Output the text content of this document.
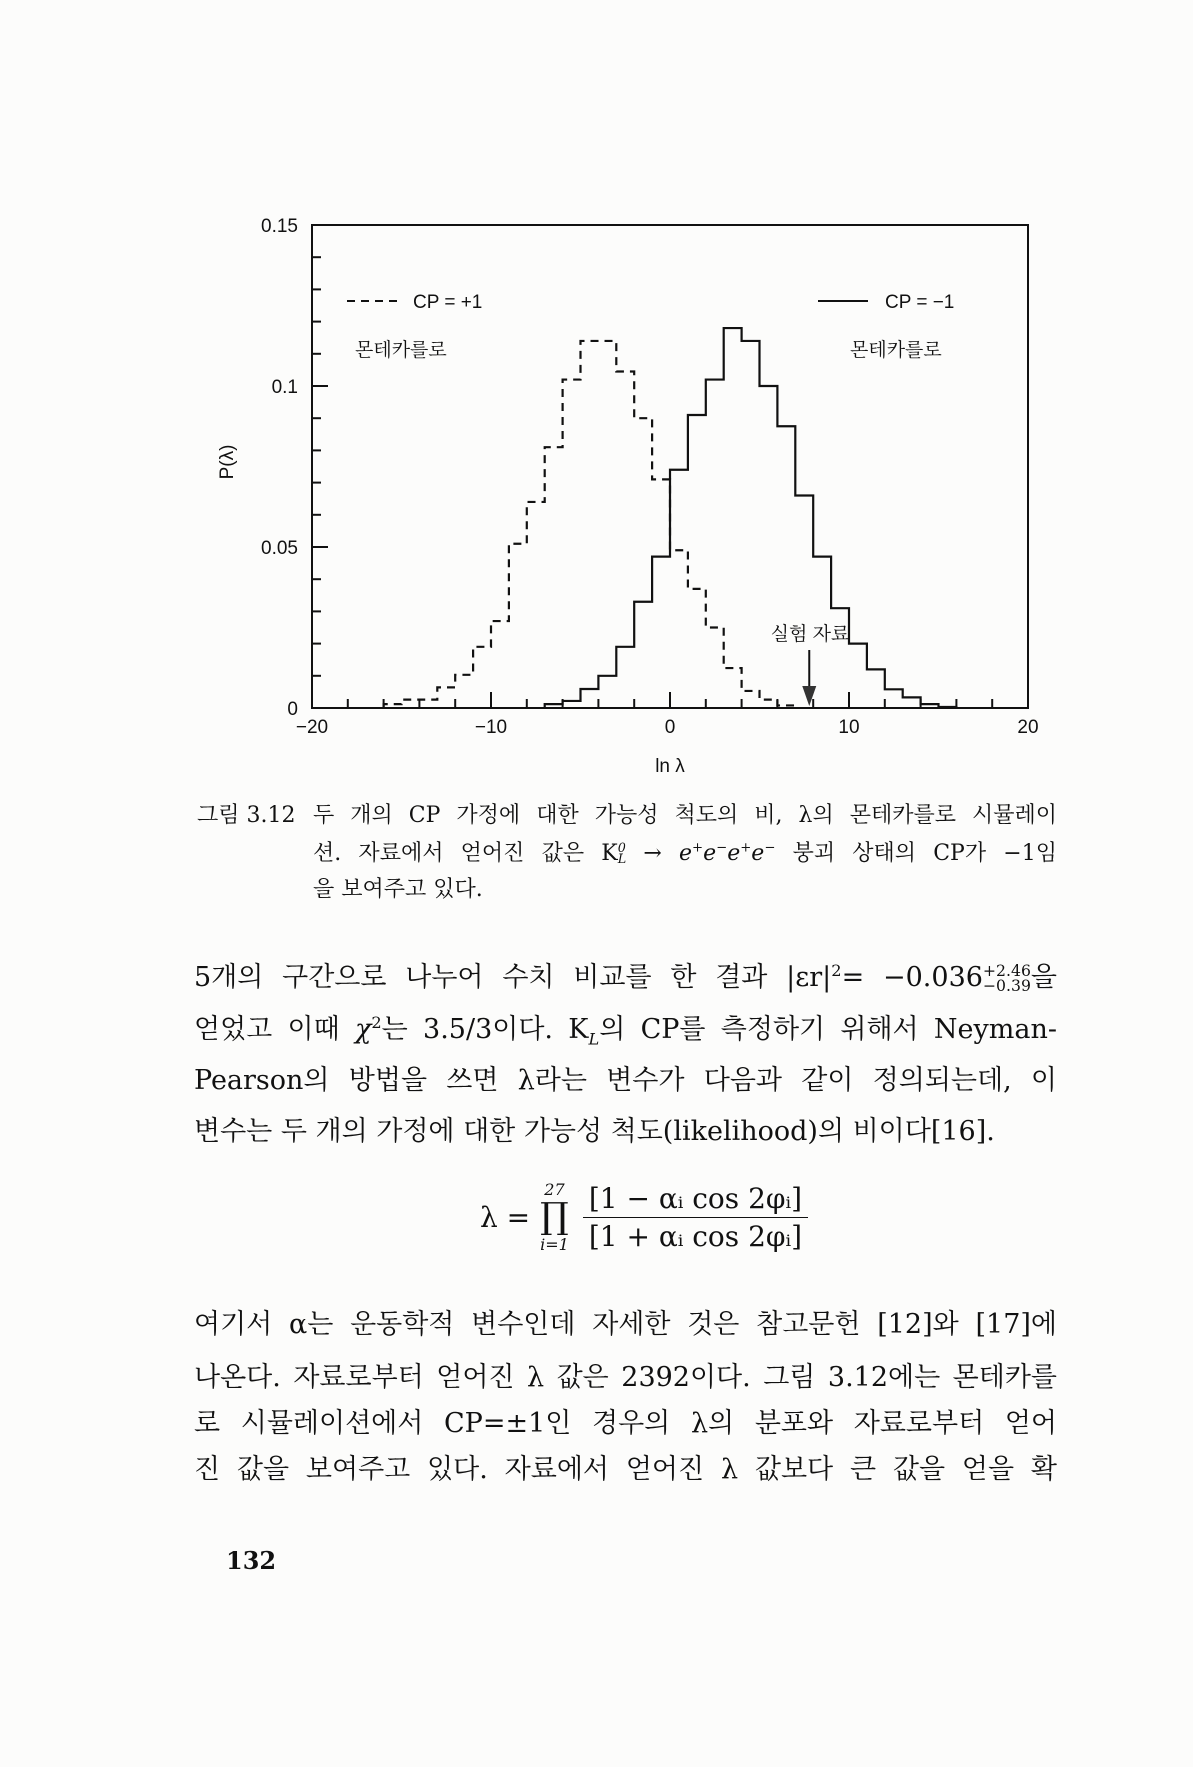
−20	−10	0	10	20
0
0.05
0.1
0.15
P(λ)
ln λ
CP = +1
몬테카를로
CP = −1
몬테카를로
실험 자료
그림 3.12 두 개의 CP 가정에 대한 가능성 척도의 비, λ의 몬테카를로 시뮬레이
션. 자료에서 얻어진 값은 K 0
L → e+e−e+e− 붕괴 상태의 CP가 −1임
을 보여주고 있다.
5개의 구간으로 나누어 수치 비교를 한 결과 $|\varepsilon r|^2= -0.036 +2.46$
−0.39 을
얻었고 이때 $\chi^2$는 3.5/3이다. $K_L$의 CP를 측정하기 위해서 Neyman-
Pearson의 방법을 쓰면 λ라는 변수가 다음과 같이 정의되는데, 이
변수는 두 개의 가정에 대한 가능성 척도(likelihood)의 비이다[16].
λ =
27
∏
$i=1 \frac{\text{[1 − αᵢ cos 2φᵢ]}}{\text{[1 + αᵢ cos 2φᵢ]}}$
여기서 α는 운동학적 변수인데 자세한 것은 참고문헌 [12]와 [17]에
나온다. 자료로부터 얻어진 λ 값은 2392이다. 그림 3.12에는 몬테카를
로 시뮬레이션에서 CP=±1인 경우의 λ의 분포와 자료로부터 얻어
진 값을 보여주고 있다. 자료에서 얻어진 λ 값보다 큰 값을 얻을 확
132
